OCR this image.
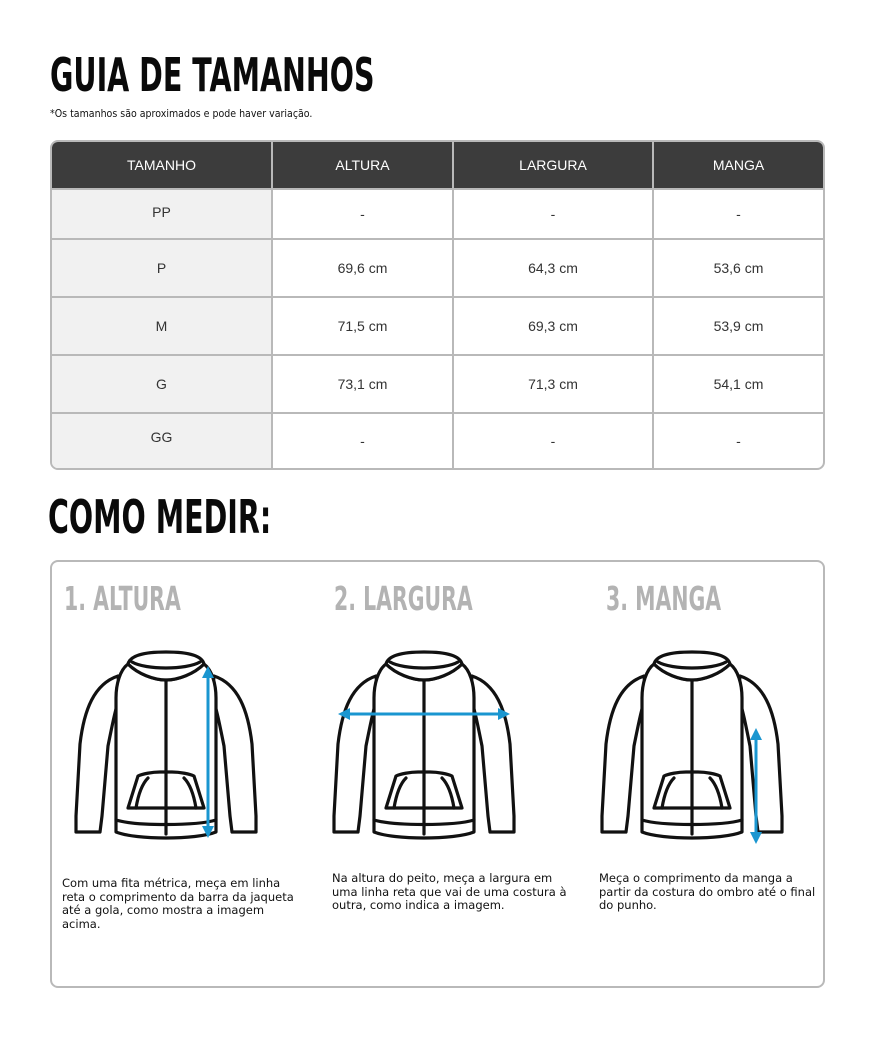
GUIA DE TAMANHOS

*Os tamanhos são aproximados e pode haver variação.

TAMANHO	ALTURA	LARGURA	MANGA
PP	-	-	-
P	69,6 cm	64,3 cm	53,6 cm
M	71,5 cm	69,3 cm	53,9 cm
G	73,1 cm	71,3 cm	54,1 cm
GG	-	-	-
COMO MEDIR:
1. ALTURA	2. LARGURA	3. MANGA

Com uma fita métrica, meça em linha reta o comprimento da barra da jaqueta até a gola, como mostra a imagem acima.

Na altura do peito, meça a largura em uma linha reta que vai de uma costura à outra, como indica a imagem.

Meça o comprimento da manga a partir da costura do ombro até o final do punho.
